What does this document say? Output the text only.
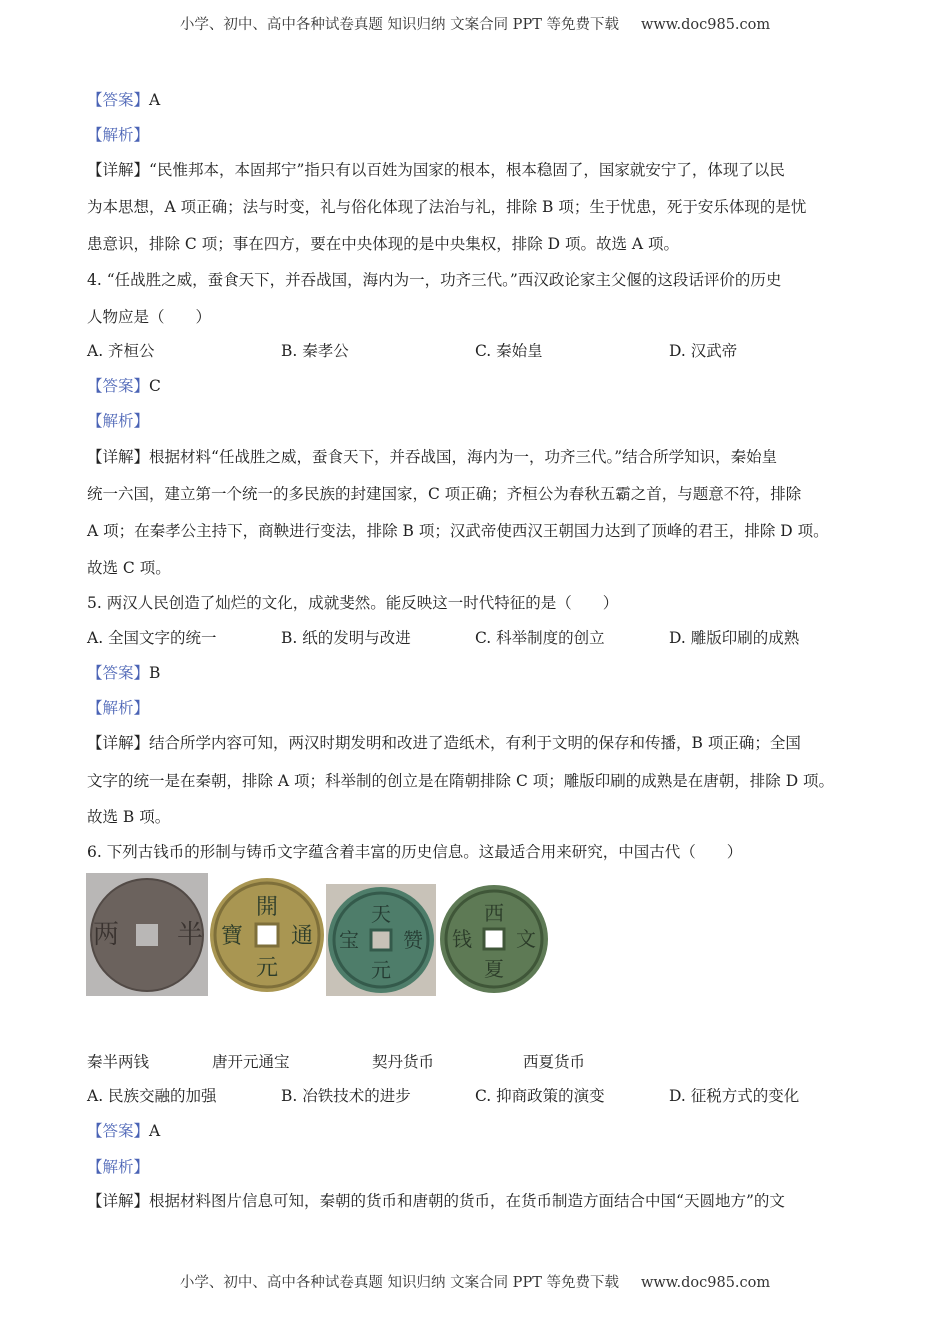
小学、初中、高中各种试卷真题 知识归纳 文案合同 PPT 等免费下载 www.doc985.com
【答案】A
【解析】
【详解】“民惟邦本，本固邦宁”指只有以百姓为国家的根本，根本稳固了，国家就安宁了，体现了以民
为本思想，A 项正确；法与时变，礼与俗化体现了法治与礼，排除 B 项；生于忧患，死于安乐体现的是忧
患意识，排除 C 项；事在四方，要在中央体现的是中央集权，排除 D 项。故选 A 项。
4. “任战胜之威，蚕食天下，并吞战国，海内为一，功齐三代。”西汉政论家主父偃的这段话评价的历史
人物应是（　　）
A. 齐桓公	B. 秦孝公	C. 秦始皇	D. 汉武帝
【答案】C
【解析】
【详解】根据材料“任战胜之威，蚕食天下，并吞战国，海内为一，功齐三代。”结合所学知识，秦始皇
统一六国，建立第一个统一的多民族的封建国家，C 项正确；齐桓公为春秋五霸之首，与题意不符，排除
A 项；在秦孝公主持下，商鞅进行变法，排除 B 项；汉武帝使西汉王朝国力达到了顶峰的君王，排除 D 项。
故选 C 项。
5. 两汉人民创造了灿烂的文化，成就斐然。能反映这一时代特征的是（　　）
A. 全国文字的统一	B. 纸的发明与改进	C. 科举制度的创立	D. 雕版印刷的成熟
【答案】B
【解析】
【详解】结合所学内容可知，两汉时期发明和改进了造纸术，有利于文明的保存和传播，B 项正确；全国
文字的统一是在秦朝，排除 A 项；科举制的创立是在隋朝排除 C 项；雕版印刷的成熟是在唐朝，排除 D 项。
故选 B 项。
6. 下列古钱币的形制与铸币文字蕴含着丰富的历史信息。这最适合用来研究，中国古代（　　）
半
两
開
元
通
寶
天
元
赞
宝
西
夏
文
钱
秦半两钱	唐开元通宝	契丹货币	西夏货币
A. 民族交融的加强	B. 冶铁技术的进步	C. 抑商政策的演变	D. 征税方式的变化
【答案】A
【解析】
【详解】根据材料图片信息可知，秦朝的货币和唐朝的货币，在货币制造方面结合中国“天圆地方”的文
小学、初中、高中各种试卷真题 知识归纳 文案合同 PPT 等免费下载 www.doc985.com
